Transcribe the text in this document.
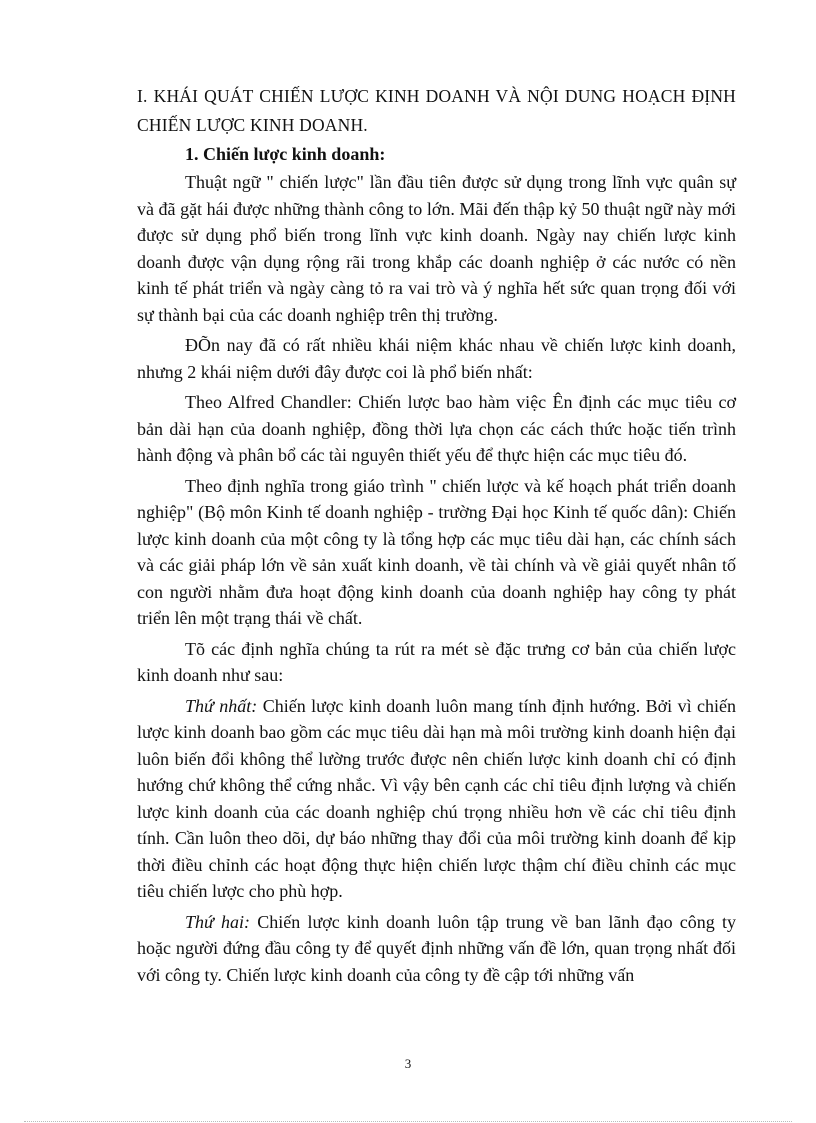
I. KHÁI QUÁT CHIẾN LƯỢC KINH DOANH VÀ NỘI DUNG HOẠCH ĐỊNH CHIẾN LƯỢC KINH DOANH.

1. Chiến lược kinh doanh:

Thuật ngữ " chiến lược" lần đầu tiên được sử dụng trong lĩnh vực quân sự và đã gặt hái được những thành công to lớn. Mãi đến thập kỷ 50 thuật ngữ này mới được sử dụng phổ biến trong lĩnh vực kinh doanh. Ngày nay chiến lược kinh doanh được vận dụng rộng rãi trong khắp các doanh nghiệp ở các nước có nền kinh tế phát triển và ngày càng tỏ ra vai trò và ý nghĩa hết sức quan trọng đối với sự thành bại của các doanh nghiệp trên thị trường.

ĐÕn nay đã có rất nhiều khái niệm khác nhau về chiến lược kinh doanh, nhưng 2 khái niệm dưới đây được coi là phổ biến nhất:

Theo Alfred Chandler: Chiến lược bao hàm việc Ên định các mục tiêu cơ bản dài hạn của doanh nghiệp, đồng thời lựa chọn các cách thức hoặc tiến trình hành động và phân bổ các tài nguyên thiết yếu để thực hiện các mục tiêu đó.

Theo định nghĩa trong giáo trình " chiến lược và kế hoạch phát triển doanh nghiệp" (Bộ môn Kinh tế doanh nghiệp - trường Đại học Kinh tế quốc dân): Chiến lược kinh doanh của một công ty là tổng hợp các mục tiêu dài hạn, các chính sách và các giải pháp lớn về sản xuất kinh doanh, về tài chính và về giải quyết nhân tố con người nhằm đưa hoạt động kinh doanh của doanh nghiệp hay công ty phát triển lên một trạng thái về chất.

Tõ các định nghĩa chúng ta rút ra mét sè đặc trưng cơ bản của chiến lược kinh doanh như sau:

Thứ nhất: Chiến lược kinh doanh luôn mang tính định hướng. Bởi vì chiến lược kinh doanh bao gồm các mục tiêu dài hạn mà môi trường kinh doanh hiện đại luôn biến đổi không thể lường trước được nên chiến lược kinh doanh chỉ có định hướng chứ không thể cứng nhắc. Vì vậy bên cạnh các chỉ tiêu định lượng và chiến lược kinh doanh của các doanh nghiệp chú trọng nhiều hơn về các chỉ tiêu định tính. Cần luôn theo dõi, dự báo những thay đổi của môi trường kinh doanh để kịp thời điều chỉnh các hoạt động thực hiện chiến lược thậm chí điều chỉnh các mục tiêu chiến lược cho phù hợp.

Thứ hai: Chiến lược kinh doanh luôn tập trung về ban lãnh đạo công ty hoặc người đứng đầu công ty để quyết định những vấn đề lớn, quan trọng nhất đối với công ty. Chiến lược kinh doanh của công ty đề cập tới những vấn

3
